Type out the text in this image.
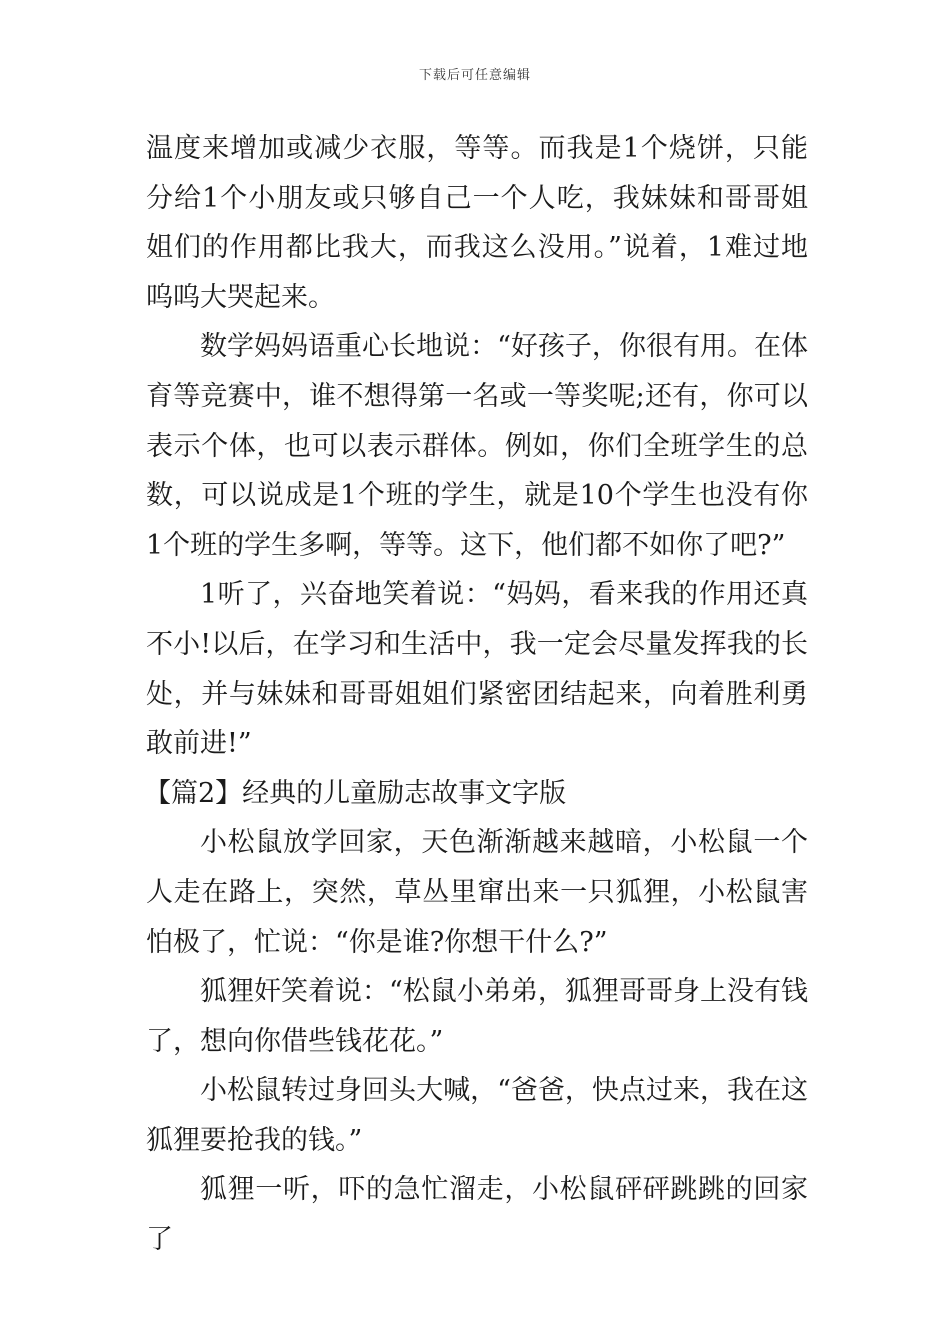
下载后可任意编辑

温度来增加或减少衣服，等等。而我是1个烧饼，只能分给1个小朋友或只够自己一个人吃，我妹妹和哥哥姐姐们的作用都比我大，而我这么没用。”说着，1难过地呜呜大哭起来。

数学妈妈语重心长地说：“好孩子，你很有用。在体育等竞赛中，谁不想得第一名或一等奖呢;还有，你可以表示个体，也可以表示群体。例如，你们全班学生的总数，可以说成是1个班的学生，就是10个学生也没有你1个班的学生多啊，等等。这下，他们都不如你了吧?”

1听了，兴奋地笑着说：“妈妈，看来我的作用还真不小!以后，在学习和生活中，我一定会尽量发挥我的长处，并与妹妹和哥哥姐姐们紧密团结起来，向着胜利勇敢前进!”

【篇2】经典的儿童励志故事文字版

小松鼠放学回家，天色渐渐越来越暗，小松鼠一个人走在路上，突然，草丛里窜出来一只狐狸，小松鼠害怕极了，忙说：“你是谁?你想干什么?”

狐狸奸笑着说：“松鼠小弟弟，狐狸哥哥身上没有钱了，想向你借些钱花花。”

小松鼠转过身回头大喊，“爸爸，快点过来，我在这狐狸要抢我的钱。”

狐狸一听，吓的急忙溜走，小松鼠砰砰跳跳的回家了
